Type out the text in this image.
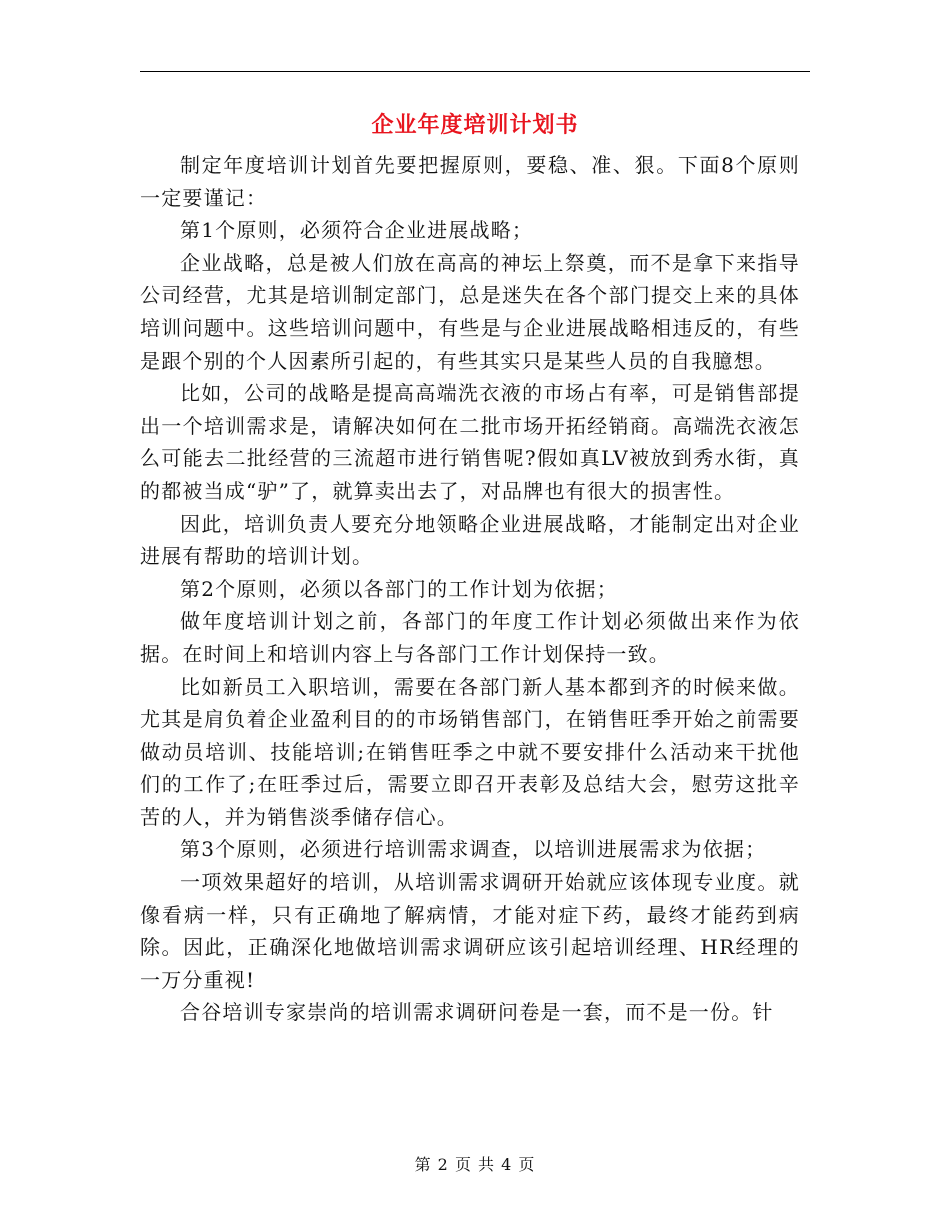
企业年度培训计划书

制定年度培训计划首先要把握原则，要稳、准、狠。下面8个原则一定要谨记：

第1个原则，必须符合企业进展战略；

企业战略，总是被人们放在高高的神坛上祭奠，而不是拿下来指导公司经营，尤其是培训制定部门，总是迷失在各个部门提交上来的具体培训问题中。这些培训问题中，有些是与企业进展战略相违反的，有些是跟个别的个人因素所引起的，有些其实只是某些人员的自我臆想。

比如，公司的战略是提高高端洗衣液的市场占有率，可是销售部提出一个培训需求是，请解决如何在二批市场开拓经销商。高端洗衣液怎么可能去二批经营的三流超市进行销售呢?假如真LV被放到秀水街，真的都被当成“驴”了，就算卖出去了，对品牌也有很大的损害性。

因此，培训负责人要充分地领略企业进展战略，才能制定出对企业进展有帮助的培训计划。

第2个原则，必须以各部门的工作计划为依据；

做年度培训计划之前，各部门的年度工作计划必须做出来作为依据。在时间上和培训内容上与各部门工作计划保持一致。

比如新员工入职培训，需要在各部门新人基本都到齐的时候来做。尤其是肩负着企业盈利目的的市场销售部门，在销售旺季开始之前需要做动员培训、技能培训;在销售旺季之中就不要安排什么活动来干扰他们的工作了;在旺季过后，需要立即召开表彰及总结大会，慰劳这批辛苦的人，并为销售淡季储存信心。

第3个原则，必须进行培训需求调查，以培训进展需求为依据；

一项效果超好的培训，从培训需求调研开始就应该体现专业度。就像看病一样，只有正确地了解病情，才能对症下药，最终才能药到病除。因此，正确深化地做培训需求调研应该引起培训经理、HR经理的一万分重视!

合谷培训专家崇尚的培训需求调研问卷是一套，而不是一份。针

第 2 页 共 4 页
